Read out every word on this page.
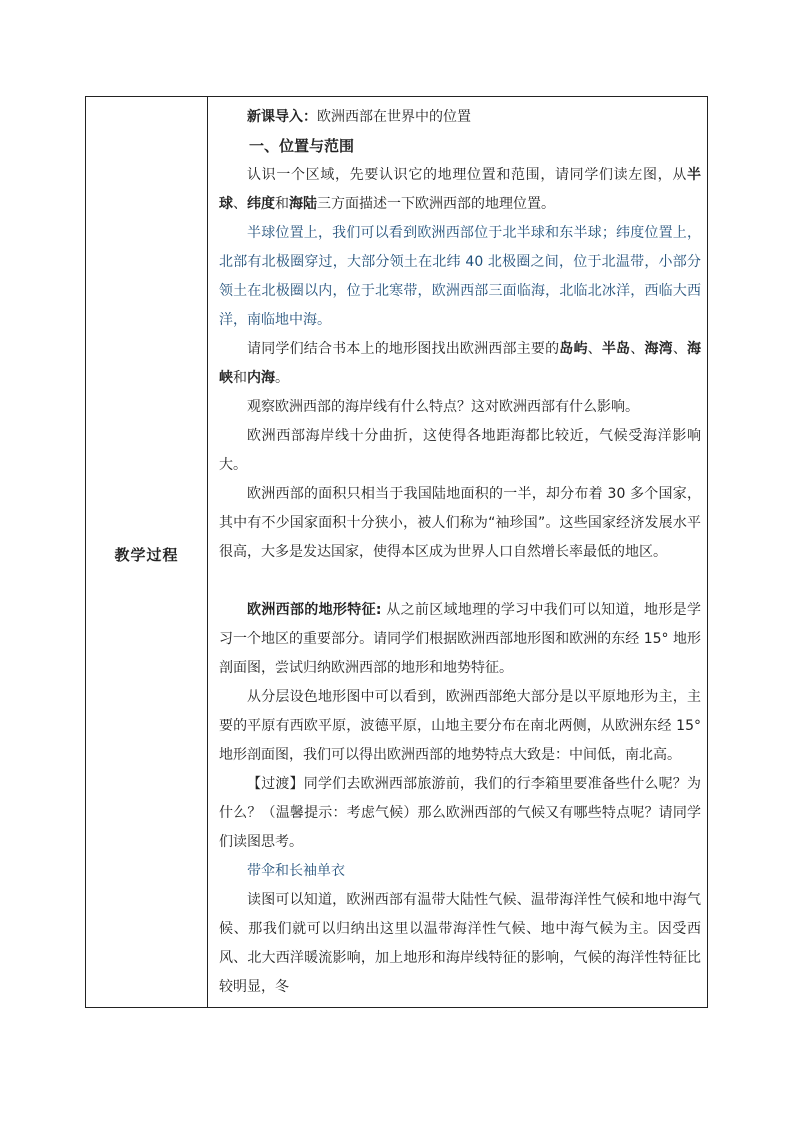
教学过程

新课导入：欧洲西部在世界中的位置

一、位置与范围

认识一个区域，先要认识它的地理位置和范围，请同学们读左图，从半球、纬度和海陆三方面描述一下欧洲西部的地理位置。

半球位置上，我们可以看到欧洲西部位于北半球和东半球；纬度位置上，北部有北极圈穿过，大部分领土在北纬 40 北极圈之间，位于北温带，小部分领土在北极圈以内，位于北寒带，欧洲西部三面临海，北临北冰洋，西临大西洋，南临地中海。

请同学们结合书本上的地形图找出欧洲西部主要的岛屿、半岛、海湾、海峡和内海。

观察欧洲西部的海岸线有什么特点？这对欧洲西部有什么影响。

欧洲西部海岸线十分曲折，这使得各地距海都比较近，气候受海洋影响大。

欧洲西部的面积只相当于我国陆地面积的一半，却分布着 30 多个国家，其中有不少国家面积十分狭小，被人们称为“袖珍国”。这些国家经济发展水平很高，大多是发达国家，使得本区成为世界人口自然增长率最低的地区。

欧洲西部的地形特征: 从之前区域地理的学习中我们可以知道，地形是学习一个地区的重要部分。请同学们根据欧洲西部地形图和欧洲的东经 15° 地形剖面图，尝试归纳欧洲西部的地形和地势特征。

从分层设色地形图中可以看到，欧洲西部绝大部分是以平原地形为主，主要的平原有西欧平原，波德平原，山地主要分布在南北两侧，从欧洲东经 15° 地形剖面图，我们可以得出欧洲西部的地势特点大致是：中间低，南北高。

【过渡】同学们去欧洲西部旅游前，我们的行李箱里要准备些什么呢？为什么？（温馨提示：考虑气候）那么欧洲西部的气候又有哪些特点呢？请同学们读图思考。

带伞和长袖单衣

读图可以知道，欧洲西部有温带大陆性气候、温带海洋性气候和地中海气候、那我们就可以归纳出这里以温带海洋性气候、地中海气候为主。因受西风、北大西洋暖流影响，加上地形和海岸线特征的影响，气候的海洋性特征比较明显，冬
